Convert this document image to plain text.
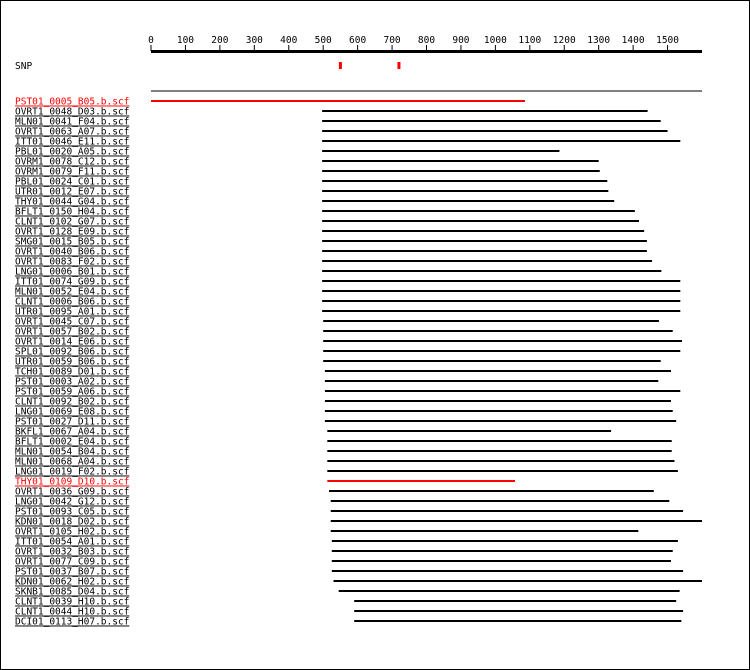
0 100 200 300 400 500 600 700 800 900 1000 1100 1200 1300 1400 1500
SNP
PST01_0005_B05.b.scf
OVRT1_0048_D03.b.scf
MLN01_0041_F04.b.scf
OVRT1_0063_A07.b.scf
ITT01_0046_E11.b.scf
PBL01_0020_A05.b.scf
OVRM1_0078_C12.b.scf
OVRM1_0079_F11.b.scf
PBL01_0024_C01.b.scf
UTR01_0012_E07.b.scf
THY01_0044_G04.b.scf
BFLT1_0150_H04.b.scf
CLNT1_0102_G07.b.scf
OVRT1_0128_E09.b.scf
SMG01_0015_B05.b.scf
OVRT1_0040_B06.b.scf
OVRT1_0083_F02.b.scf
LNG01_0006_B01.b.scf
ITT01_0074_G09.b.scf
MLN01_0052_E04.b.scf
CLNT1_0006_B06.b.scf
UTR01_0095_A01.b.scf
OVRT1_0045_C07.b.scf
OVRT1_0057_B02.b.scf
OVRT1_0014_E06.b.scf
SPL01_0092_B06.b.scf
UTR01_0059_B06.b.scf
TCH01_0089_D01.b.scf
PST01_0003_A02.b.scf
PST01_0059_A06.b.scf
CLNT1_0092_B02.b.scf
LNG01_0069_E08.b.scf
PST01_0027_D11.b.scf
BKFL1_0067_A04.b.scf
BFLT1_0002_E04.b.scf
MLN01_0054_B04.b.scf
MLN01_0068_A04.b.scf
LNG01_0019_F02.b.scf
THY01_0109_D10.b.scf
OVRT1_0036_G09.b.scf
LNG01_0042_G12.b.scf
PST01_0093_C05.b.scf
KDN01_0018_D02.b.scf
OVRT1_0105_H02.b.scf
ITT01_0054_A01.b.scf
OVRT1_0032_B03.b.scf
OVRT1_0077_C09.b.scf
PST01_0037_B07.b.scf
KDN01_0062_H02.b.scf
SKNB1_0085_D04.b.scf
CLNT1_0039_H10.b.scf
CLNT1_0044_H10.b.scf
DCI01_0113_H07.b.scf
